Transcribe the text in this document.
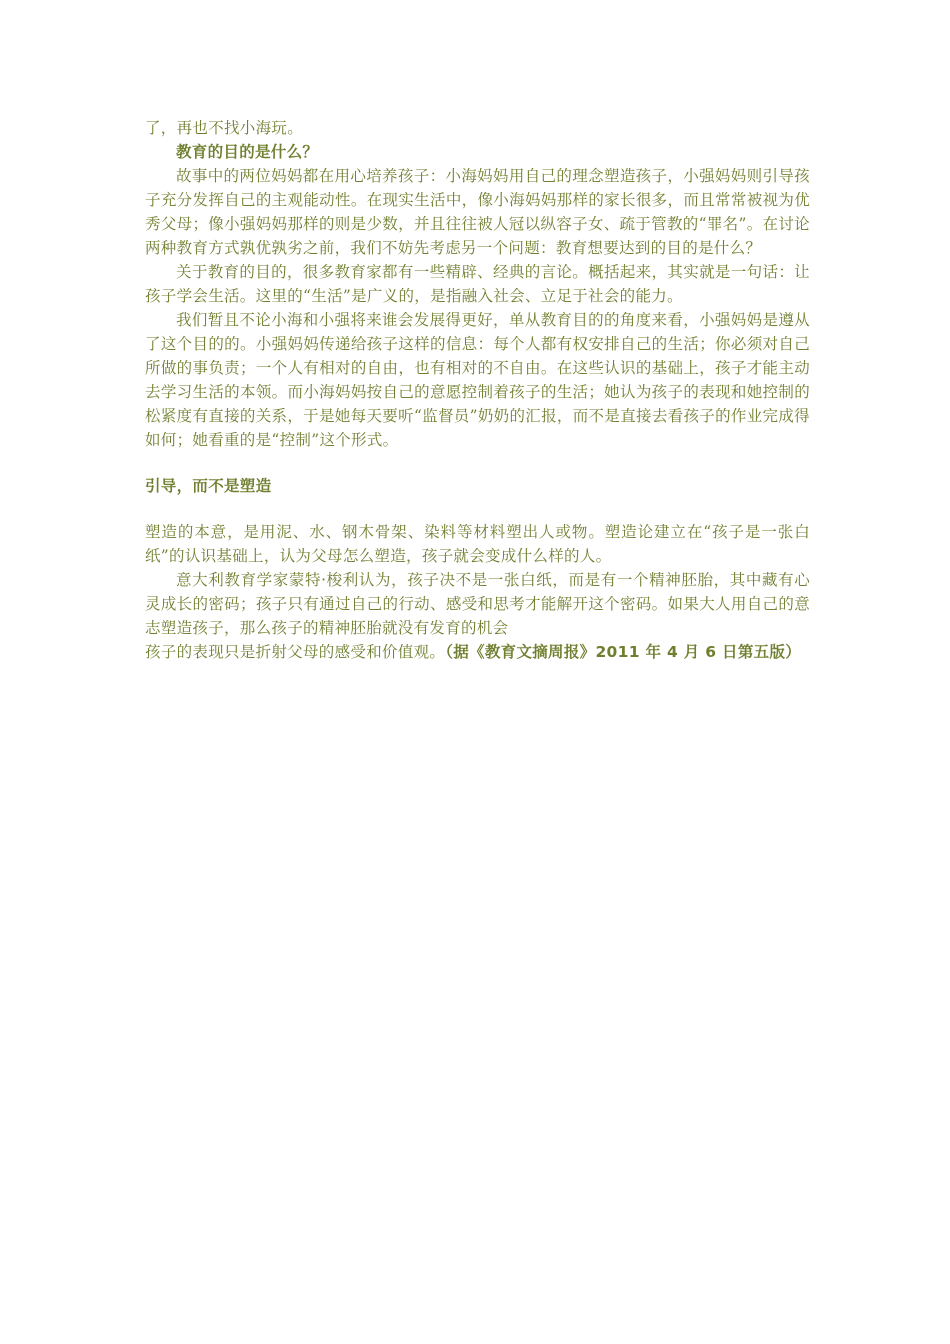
了，再也不找小海玩。

教育的目的是什么？

故事中的两位妈妈都在用心培养孩子：小海妈妈用自己的理念塑造孩子，小强妈妈则引导孩子充分发挥自己的主观能动性。在现实生活中，像小海妈妈那样的家长很多，而且常常被视为优秀父母；像小强妈妈那样的则是少数，并且往往被人冠以纵容子女、疏于管教的“罪名”。在讨论两种教育方式孰优孰劣之前，我们不妨先考虑另一个问题：教育想要达到的目的是什么？

关于教育的目的，很多教育家都有一些精辟、经典的言论。概括起来，其实就是一句话：让孩子学会生活。这里的“生活”是广义的，是指融入社会、立足于社会的能力。

我们暂且不论小海和小强将来谁会发展得更好，单从教育目的的角度来看，小强妈妈是遵从了这个目的的。小强妈妈传递给孩子这样的信息：每个人都有权安排自己的生活；你必须对自己所做的事负责；一个人有相对的自由，也有相对的不自由。在这些认识的基础上，孩子才能主动去学习生活的本领。而小海妈妈按自己的意愿控制着孩子的生活；她认为孩子的表现和她控制的松紧度有直接的关系，于是她每天要听“监督员”奶奶的汇报，而不是直接去看孩子的作业完成得如何；她看重的是“控制”这个形式。

引导，而不是塑造

塑造的本意，是用泥、水、钢木骨架、染料等材料塑出人或物。塑造论建立在“孩子是一张白纸”的认识基础上，认为父母怎么塑造，孩子就会变成什么样的人。

意大利教育学家蒙特·梭利认为，孩子决不是一张白纸，而是有一个精神胚胎，其中藏有心灵成长的密码；孩子只有通过自己的行动、感受和思考才能解开这个密码。如果大人用自己的意志塑造孩子，那么孩子的精神胚胎就没有发育的机会

孩子的表现只是折射父母的感受和价值观。（据《教育文摘周报》2011 年 4 月 6 日第五版）
